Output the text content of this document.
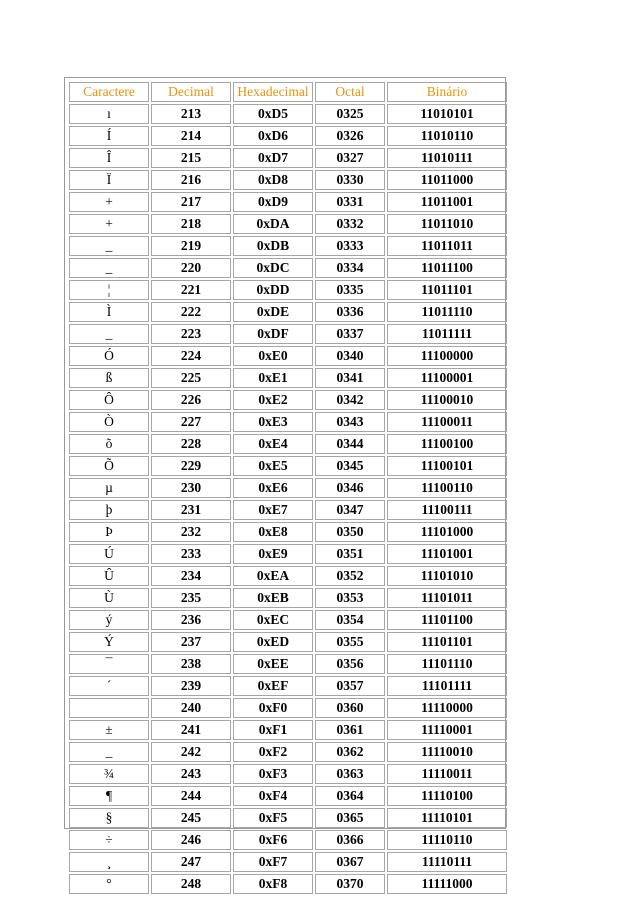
Caractere	Decimal	Hexadecimal	Octal	Binário
ı	213	0xD5	0325	11010101
Í	214	0xD6	0326	11010110
Î	215	0xD7	0327	11010111
Ï	216	0xD8	0330	11011000
+	217	0xD9	0331	11011001
+	218	0xDA	0332	11011010
_	219	0xDB	0333	11011011
_	220	0xDC	0334	11011100
¦	221	0xDD	0335	11011101
Ì	222	0xDE	0336	11011110
_	223	0xDF	0337	11011111
Ó	224	0xE0	0340	11100000
ß	225	0xE1	0341	11100001
Ô	226	0xE2	0342	11100010
Ò	227	0xE3	0343	11100011
õ	228	0xE4	0344	11100100
Õ	229	0xE5	0345	11100101
µ	230	0xE6	0346	11100110
þ	231	0xE7	0347	11100111
Þ	232	0xE8	0350	11101000
Ú	233	0xE9	0351	11101001
Û	234	0xEA	0352	11101010
Ù	235	0xEB	0353	11101011
ý	236	0xEC	0354	11101100
Ý	237	0xED	0355	11101101
¯	238	0xEE	0356	11101110
´	239	0xEF	0357	11101111
	240	0xF0	0360	11110000
±	241	0xF1	0361	11110001
_	242	0xF2	0362	11110010
¾	243	0xF3	0363	11110011
¶	244	0xF4	0364	11110100
§	245	0xF5	0365	11110101
÷	246	0xF6	0366	11110110
¸	247	0xF7	0367	11110111
°	248	0xF8	0370	11111000
